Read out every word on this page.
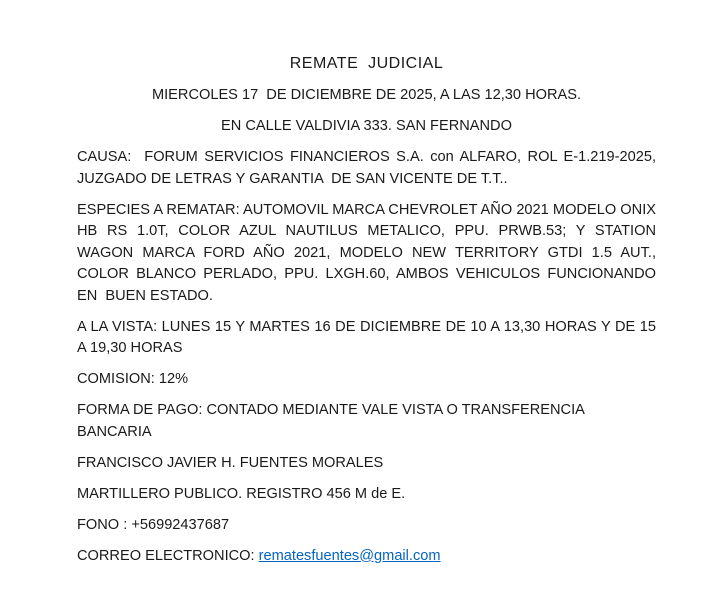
REMATE  JUDICIAL

MIERCOLES 17  DE DICIEMBRE DE 2025, A LAS 12,30 HORAS.

EN CALLE VALDIVIA 333. SAN FERNANDO

CAUSA:  FORUM SERVICIOS FINANCIEROS S.A. con ALFARO, ROL E-1.219-2025,   JUZGADO DE LETRAS Y GARANTIA  DE SAN VICENTE DE T.T..

ESPECIES A REMATAR: AUTOMOVIL MARCA CHEVROLET AÑO 2021 MODELO ONIX HB RS 1.0T, COLOR AZUL NAUTILUS METALICO, PPU. PRWB.53; Y STATION WAGON MARCA FORD AÑO 2021, MODELO NEW TERRITORY GTDI 1.5 AUT., COLOR BLANCO PERLADO, PPU. LXGH.60, AMBOS VEHICULOS FUNCIONANDO EN  BUEN ESTADO.

A LA VISTA: LUNES 15 Y MARTES 16 DE DICIEMBRE DE 10 A 13,30 HORAS Y DE 15 A 19,30 HORAS

COMISION: 12%

FORMA DE PAGO: CONTADO MEDIANTE VALE VISTA O TRANSFERENCIA BANCARIA

FRANCISCO JAVIER H. FUENTES MORALES

MARTILLERO PUBLICO. REGISTRO 456 M de E.

FONO : +56992437687

CORREO ELECTRONICO: rematesfuentes@gmail.com
